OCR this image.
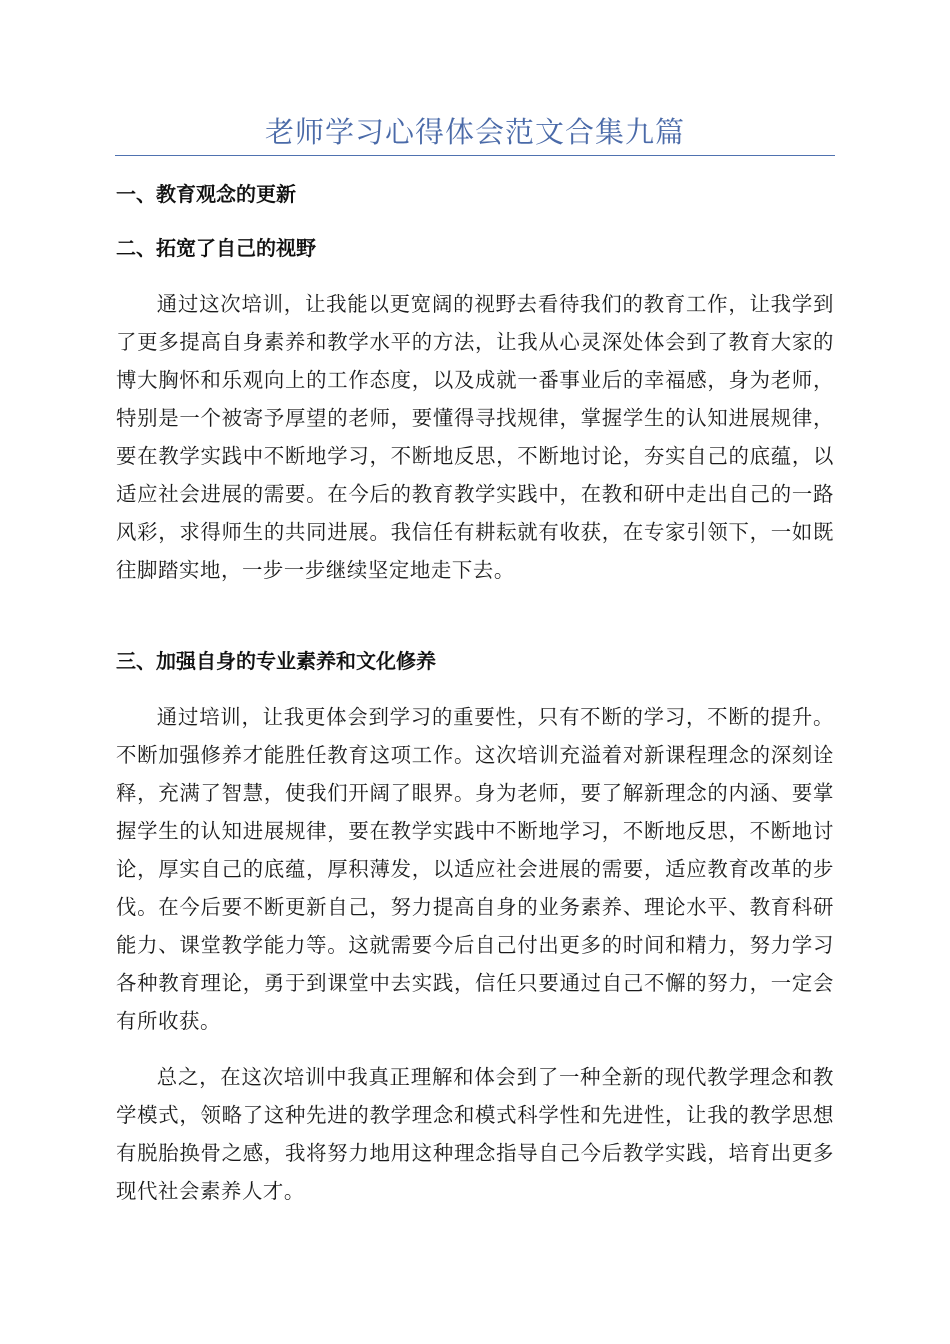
老师学习心得体会范文合集九篇
一、教育观念的更新
二、拓宽了自己的视野
通过这次培训，让我能以更宽阔的视野去看待我们的教育工作，让我学到了更多提高自身素养和教学水平的方法，让我从心灵深处体会到了教育大家的博大胸怀和乐观向上的工作态度，以及成就一番事业后的幸福感，身为老师，特别是一个被寄予厚望的老师，要懂得寻找规律，掌握学生的认知进展规律，要在教学实践中不断地学习，不断地反思，不断地讨论，夯实自己的底蕴，以适应社会进展的需要。在今后的教育教学实践中，在教和研中走出自己的一路风彩，求得师生的共同进展。我信任有耕耘就有收获，在专家引领下，一如既往脚踏实地，一步一步继续坚定地走下去。
三、加强自身的专业素养和文化修养
通过培训，让我更体会到学习的重要性，只有不断的学习，不断的提升。不断加强修养才能胜任教育这项工作。这次培训充溢着对新课程理念的深刻诠释，充满了智慧，使我们开阔了眼界。身为老师，要了解新理念的内涵、要掌握学生的认知进展规律，要在教学实践中不断地学习，不断地反思，不断地讨论，厚实自己的底蕴，厚积薄发，以适应社会进展的需要，适应教育改革的步伐。在今后要不断更新自己，努力提高自身的业务素养、理论水平、教育科研能力、课堂教学能力等。这就需要今后自己付出更多的时间和精力，努力学习各种教育理论，勇于到课堂中去实践，信任只要通过自己不懈的努力，一定会有所收获。
总之，在这次培训中我真正理解和体会到了一种全新的现代教学理念和教学模式，领略了这种先进的教学理念和模式科学性和先进性，让我的教学思想有脱胎换骨之感，我将努力地用这种理念指导自己今后教学实践，培育出更多现代社会素养人才。
